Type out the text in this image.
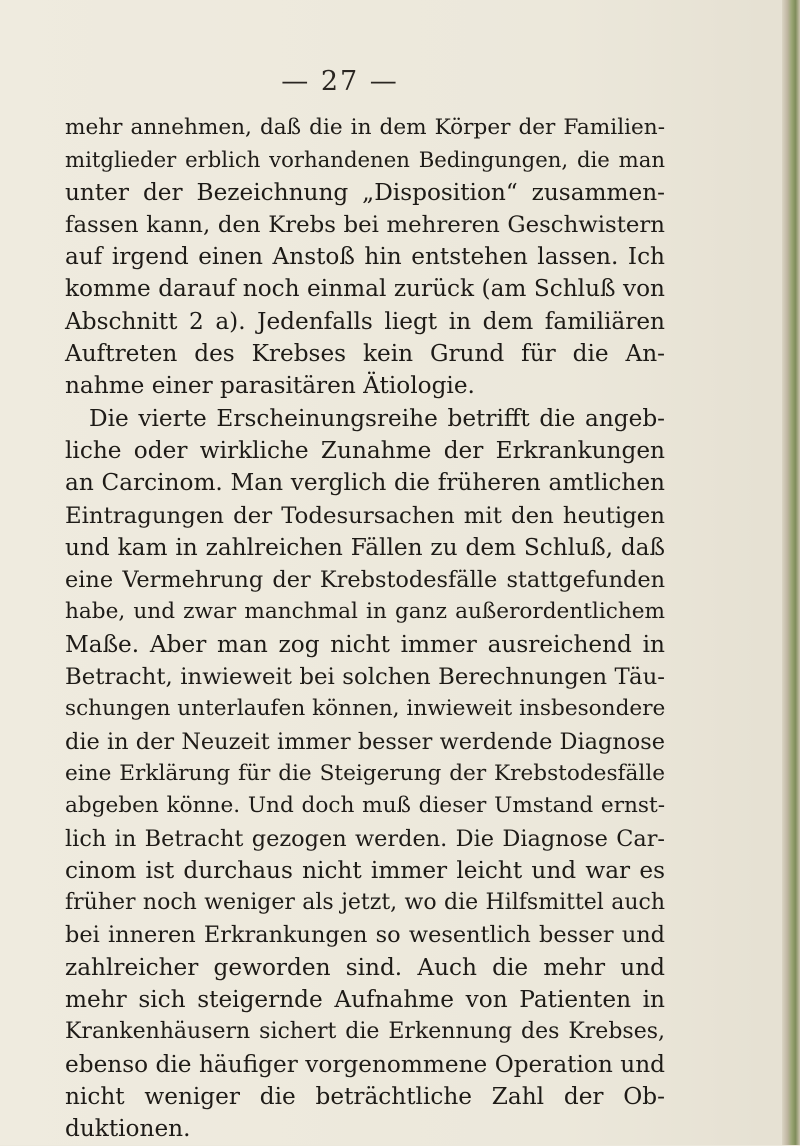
— 27 —
mehr annehmen, daß die in dem Körper der Familien-
mitglieder erblich vorhandenen Bedingungen, die man
unter der Bezeichnung „Disposition“ zusammen-
fassen kann, den Krebs bei mehreren Geschwistern
auf irgend einen Anstoß hin entstehen lassen. Ich
komme darauf noch einmal zurück (am Schluß von
Abschnitt 2 a). Jedenfalls liegt in dem familiären
Auftreten des Krebses kein Grund für die An-
nahme einer parasitären Ätiologie.
Die vierte Erscheinungsreihe betrifft die angeb-
liche oder wirkliche Zunahme der Erkrankungen
an Carcinom. Man verglich die früheren amtlichen
Eintragungen der Todesursachen mit den heutigen
und kam in zahlreichen Fällen zu dem Schluß, daß
eine Vermehrung der Krebstodesfälle stattgefunden
habe, und zwar manchmal in ganz außerordentlichem
Maße. Aber man zog nicht immer ausreichend in
Betracht, inwieweit bei solchen Berechnungen Täu-
schungen unterlaufen können, inwieweit insbesondere
die in der Neuzeit immer besser werdende Diagnose
eine Erklärung für die Steigerung der Krebstodesfälle
abgeben könne. Und doch muß dieser Umstand ernst-
lich in Betracht gezogen werden. Die Diagnose Car-
cinom ist durchaus nicht immer leicht und war es
früher noch weniger als jetzt, wo die Hilfsmittel auch
bei inneren Erkrankungen so wesentlich besser und
zahlreicher geworden sind. Auch die mehr und
mehr sich steigernde Aufnahme von Patienten in
Krankenhäusern sichert die Erkennung des Krebses,
ebenso die häufiger vorgenommene Operation und
nicht weniger die beträchtliche Zahl der Ob-
duktionen.
